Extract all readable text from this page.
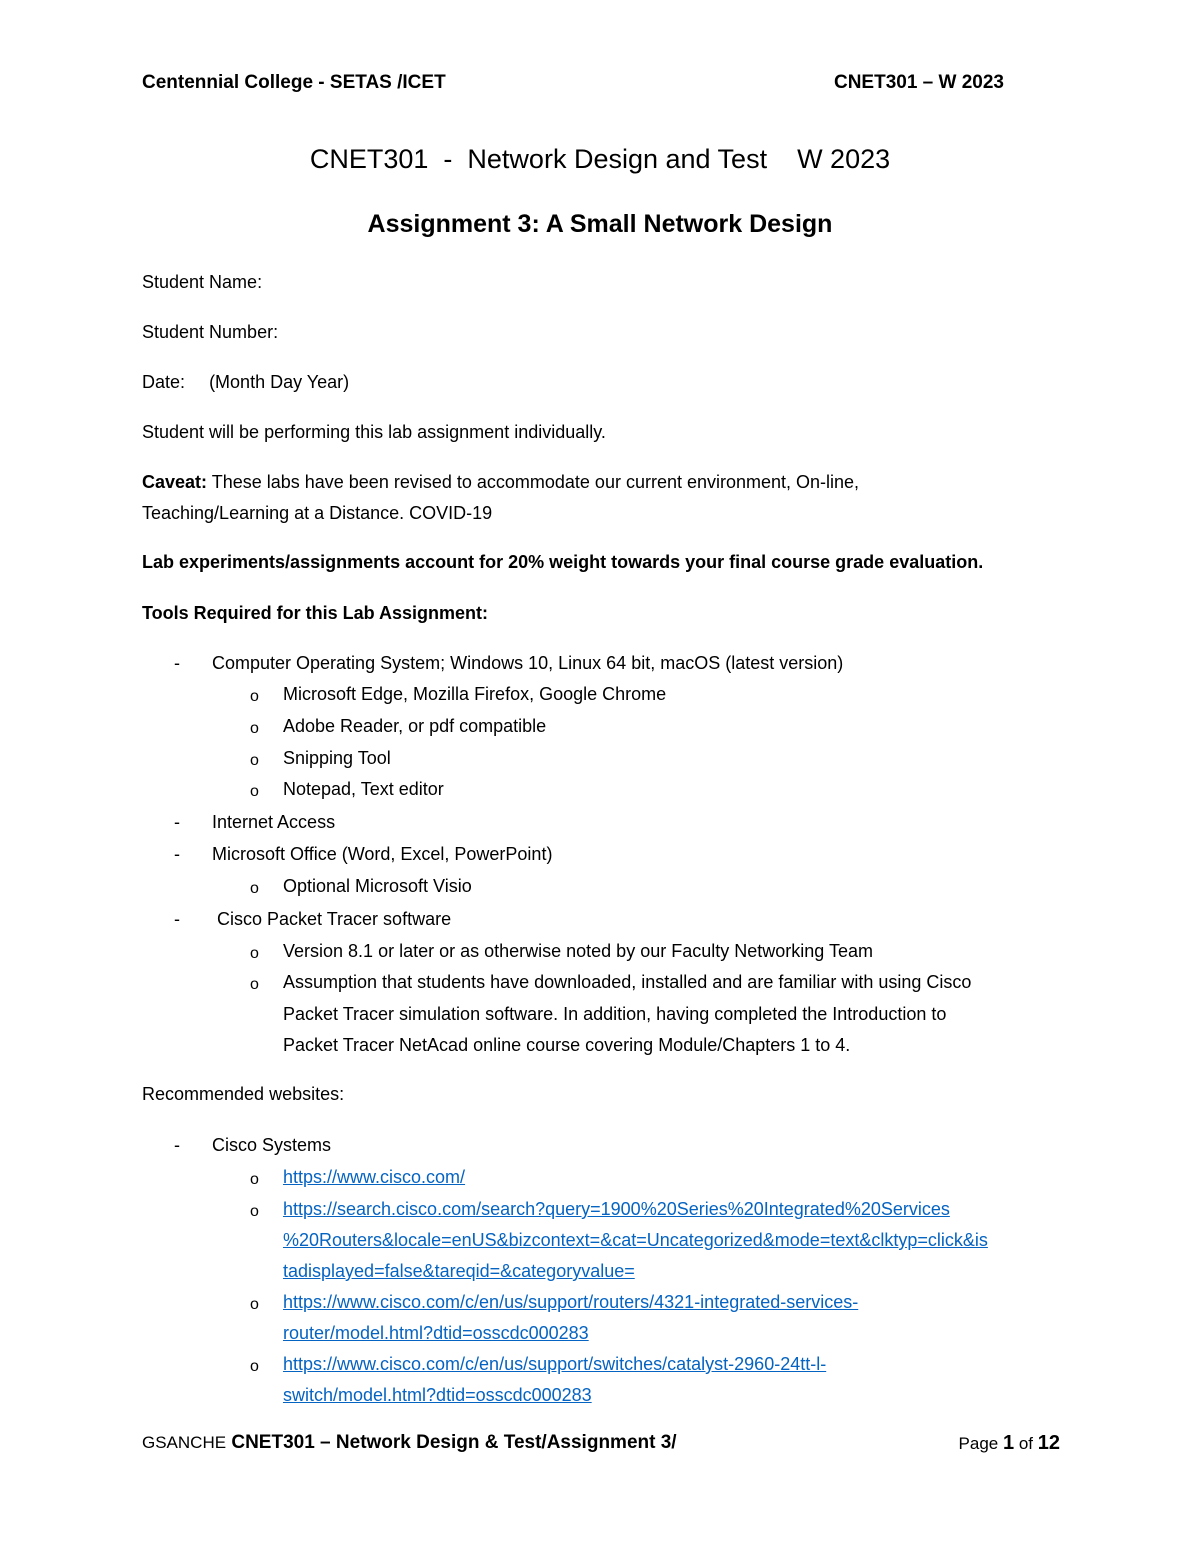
Centennial College - SETAS /ICET	CNET301 – W 2023
CNET301  -  Network Design and Test    W 2023
Assignment 3: A Small Network Design
Student Name:
Student Number:
Date: (Month Day Year)
Student will be performing this lab assignment individually.
Caveat: These labs have been revised to accommodate our current environment, On-line,
Teaching/Learning at a Distance. COVID-19
Lab experiments/assignments account for 20% weight towards your final course grade evaluation.
Tools Required for this Lab Assignment:
- Computer Operating System; Windows 10, Linux 64 bit, macOS (latest version)
o Microsoft Edge, Mozilla Firefox, Google Chrome
o Adobe Reader, or pdf compatible
o Snipping Tool
o Notepad, Text editor
- Internet Access
- Microsoft Office (Word, Excel, PowerPoint)
o Optional Microsoft Visio
- Cisco Packet Tracer software
o Version 8.1 or later or as otherwise noted by our Faculty Networking Team
o Assumption that students have downloaded, installed and are familiar with using Cisco
Packet Tracer simulation software. In addition, having completed the Introduction to
Packet Tracer NetAcad online course covering Module/Chapters 1 to 4.
Recommended websites:
- Cisco Systems
o https://www.cisco.com/
o https://search.cisco.com/search?query=1900%20Series%20Integrated%20Services
%20Routers&locale=enUS&bizcontext=&cat=Uncategorized&mode=text&clktyp=click&is
tadisplayed=false&tareqid=&categoryvalue=
o https://www.cisco.com/c/en/us/support/routers/4321-integrated-services-
router/model.html?dtid=osscdc000283
o https://www.cisco.com/c/en/us/support/switches/catalyst-2960-24tt-l-
switch/model.html?dtid=osscdc000283
GSANCHE CNET301 – Network Design & Test/Assignment 3/	Page 1 of 12
